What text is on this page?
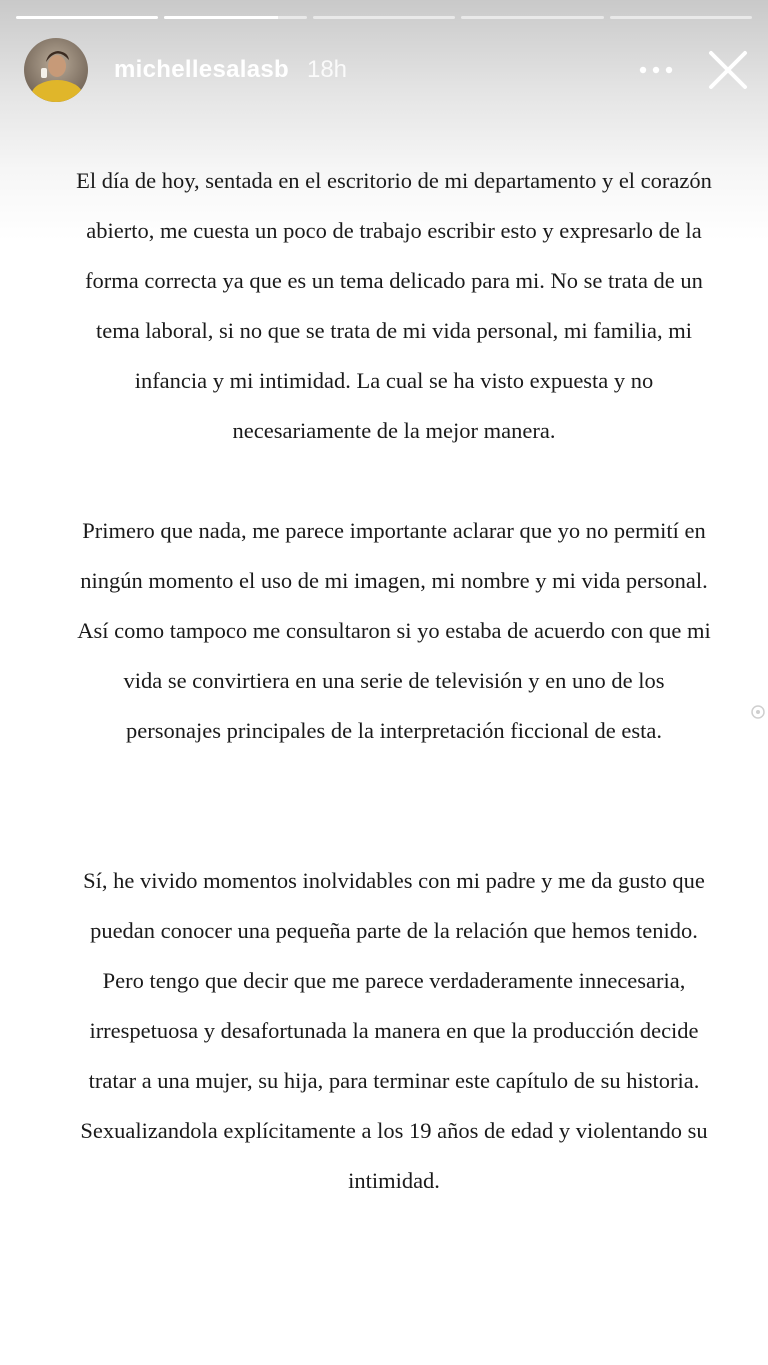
michellesalasb 18h

El día de hoy, sentada en el escritorio de mi departamento y el corazón abierto, me cuesta un poco de trabajo escribir esto y expresarlo de la forma correcta ya que es un tema delicado para mi. No se trata de un tema laboral, si no que se trata de mi vida personal, mi familia, mi infancia y mi intimidad. La cual se ha visto expuesta y no necesariamente de la mejor manera.

Primero que nada, me parece importante aclarar que yo no permití en ningún momento el uso de mi imagen, mi nombre y mi vida personal. Así como tampoco me consultaron si yo estaba de acuerdo con que mi vida se convirtiera en una serie de televisión y en uno de los personajes principales de la interpretación ficcional de esta.

Sí, he vivido momentos inolvidables con mi padre y me da gusto que puedan conocer una pequeña parte de la relación que hemos tenido. Pero tengo que decir que me parece verdaderamente innecesaria, irrespetuosa y desafortunada la manera en que la producción decide tratar a una mujer, su hija, para terminar este capítulo de su historia. Sexualizandola explícitamente a los 19 años de edad y violentando su intimidad.
